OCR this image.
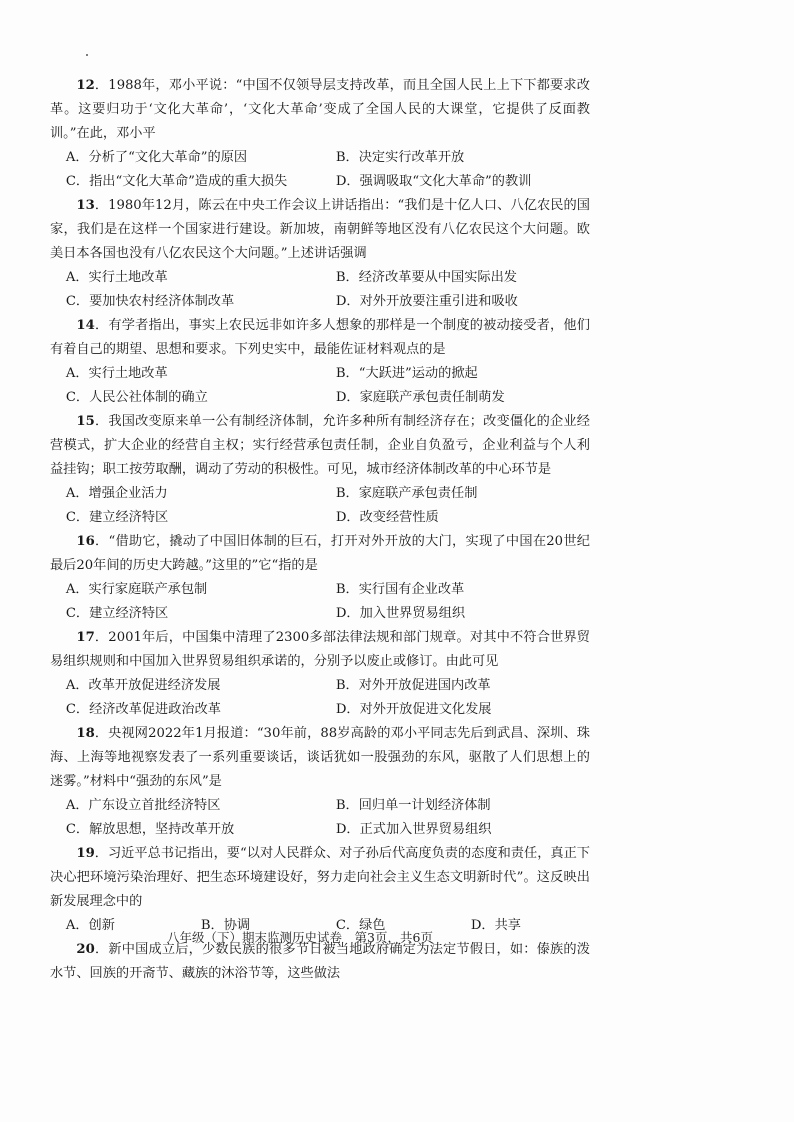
12．1988年，邓小平说：“中国不仅领导层支持改革，而且全国人民上上下下都要求改革。这要归功于‘文化大革命’，‘文化大革命’变成了全国人民的大课堂，它提供了反面教训。”在此，邓小平

A．分析了“文化大革命”的原因	B．决定实行改革开放
C．指出“文化大革命”造成的重大损失	D．强调吸取“文化大革命”的教训

13．1980年12月，陈云在中央工作会议上讲话指出：“我们是十亿人口、八亿农民的国家，我们是在这样一个国家进行建设。新加坡，南朝鲜等地区没有八亿农民这个大问题。欧美日本各国也没有八亿农民这个大问题。”上述讲话强调

A．实行土地改革	B．经济改革要从中国实际出发
C．要加快农村经济体制改革	D．对外开放要注重引进和吸收

14．有学者指出，事实上农民远非如许多人想象的那样是一个制度的被动接受者，他们有着自己的期望、思想和要求。下列史实中，最能佐证材料观点的是

A．实行土地改革	B．“大跃进”运动的掀起
C．人民公社体制的确立	D．家庭联产承包责任制萌发

15．我国改变原来单一公有制经济体制，允许多种所有制经济存在；改变僵化的企业经营模式，扩大企业的经营自主权；实行经营承包责任制，企业自负盈亏，企业利益与个人利益挂钩；职工按劳取酬，调动了劳动的积极性。可见，城市经济体制改革的中心环节是

A．增强企业活力	B．家庭联产承包责任制
C．建立经济特区	D．改变经营性质

16．“借助它，撬动了中国旧体制的巨石，打开对外开放的大门，实现了中国在20世纪最后20年间的历史大跨越。”这里的”它“指的是

A．实行家庭联产承包制	B．实行国有企业改革
C．建立经济特区	D．加入世界贸易组织

17．2001年后，中国集中清理了2300多部法律法规和部门规章。对其中不符合世界贸易组织规则和中国加入世界贸易组织承诺的，分别予以废止或修订。由此可见

A．改革开放促进经济发展	B．对外开放促进国内改革
C．经济改革促进政治改革	D．对外开放促进文化发展

18．央视网2022年1月报道：“30年前，88岁高龄的邓小平同志先后到武昌、深圳、珠海、上海等地视察发表了一系列重要谈话，谈话犹如一股强劲的东风，驱散了人们思想上的迷雾。”材料中“强劲的东风”是

A．广东设立首批经济特区	B．回归单一计划经济体制
C．解放思想，坚持改革开放	D．正式加入世界贸易组织

19．习近平总书记指出，要“以对人民群众、对子孙后代高度负责的态度和责任，真正下决心把环境污染治理好、把生态环境建设好，努力走向社会主义生态文明新时代”。这反映出新发展理念中的

A．创新	B．协调	C．绿色	D．共享

20．新中国成立后，少数民族的很多节日被当地政府确定为法定节假日，如：傣族的泼水节、回族的开斋节、藏族的沐浴节等，这些做法

八年级（下）期末监测历史试卷　第3页，共6页
